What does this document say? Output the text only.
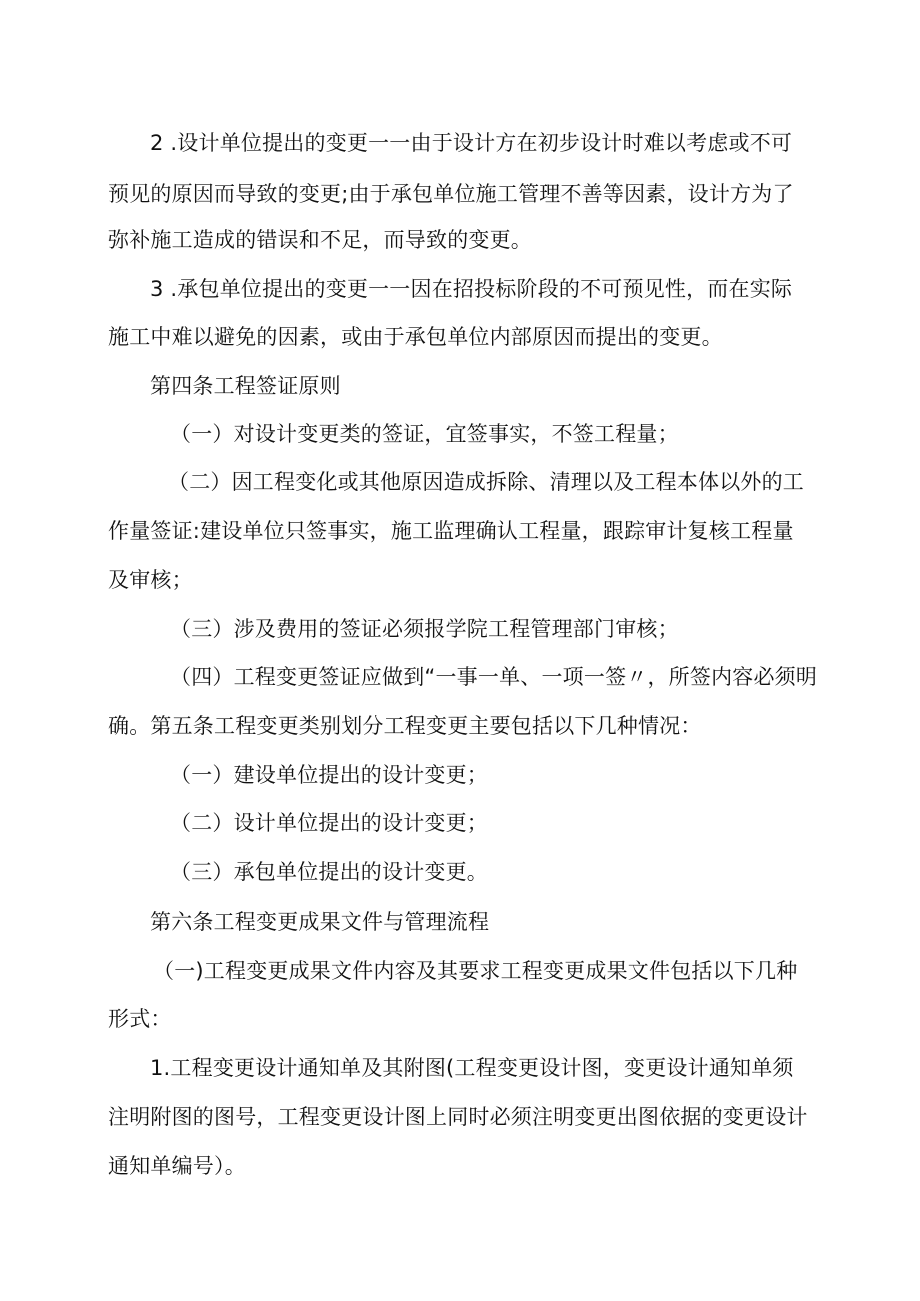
2 .设计单位提出的变更一一由于设计方在初步设计时难以考虑或不可
预见的原因而导致的变更;由于承包单位施工管理不善等因素，设计方为了
弥补施工造成的错误和不足，而导致的变更。
3 .承包单位提出的变更一一因在招投标阶段的不可预见性，而在实际
施工中难以避免的因素，或由于承包单位内部原因而提出的变更。
第四条工程签证原则
（一）对设计变更类的签证，宜签事实，不签工程量；
（二）因工程变化或其他原因造成拆除、清理以及工程本体以外的工
作量签证:建设单位只签事实，施工监理确认工程量，跟踪审计复核工程量
及审核；
（三）涉及费用的签证必须报学院工程管理部门审核；
（四）工程变更签证应做到“一事一单、一项一签〃，所签内容必须明
确。第五条工程变更类别划分工程变更主要包括以下几种情况：
（一）建设单位提出的设计变更；
（二）设计单位提出的设计变更；
（三）承包单位提出的设计变更。
第六条工程变更成果文件与管理流程
（一)工程变更成果文件内容及其要求工程变更成果文件包括以下几种
形式：
1.工程变更设计通知单及其附图(工程变更设计图，变更设计通知单须
注明附图的图号，工程变更设计图上同时必须注明变更出图依据的变更设计
通知单编号）。
